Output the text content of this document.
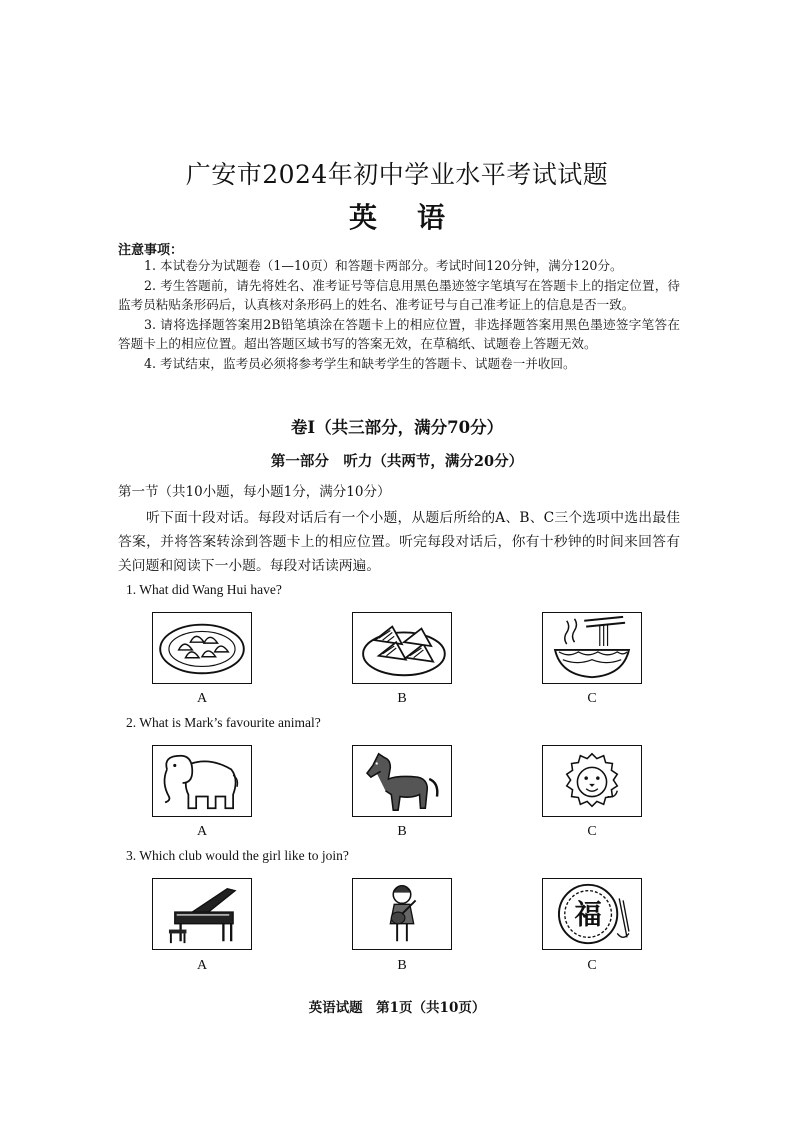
广安市2024年初中学业水平考试试题
英语
注意事项：

1. 本试卷分为试题卷（1—10页）和答题卡两部分。考试时间120分钟，满分120分。

2. 考生答题前，请先将姓名、准考证号等信息用黑色墨迹签字笔填写在答题卡上的指定位置，待监考员粘贴条形码后，认真核对条形码上的姓名、准考证号与自己准考证上的信息是否一致。

3. 请将选择题答案用2B铅笔填涂在答题卡上的相应位置，非选择题答案用黑色墨迹签字笔答在答题卡上的相应位置。超出答题区域书写的答案无效，在草稿纸、试题卷上答题无效。

4. 考试结束，监考员必须将参考学生和缺考学生的答题卡、试题卷一并收回。

卷Ⅰ（共三部分，满分70分）
第一部分　听力（共两节，满分20分）
第一节（共10小题，每小题1分，满分10分）
听下面十段对话。每段对话后有一个小题，从题后所给的A、B、C三个选项中选出最佳答案，并将答案转涂到答题卡上的相应位置。听完每段对话后，你有十秒钟的时间来回答有关问题和阅读下一小题。每段对话读两遍。
1. What did Wang Hui have?
A	B	C
2. What is Mark’s favourite animal?
A	B	C
3. Which club would the girl like to join?
福
A	B	C
英语试题　第1页（共10页）
